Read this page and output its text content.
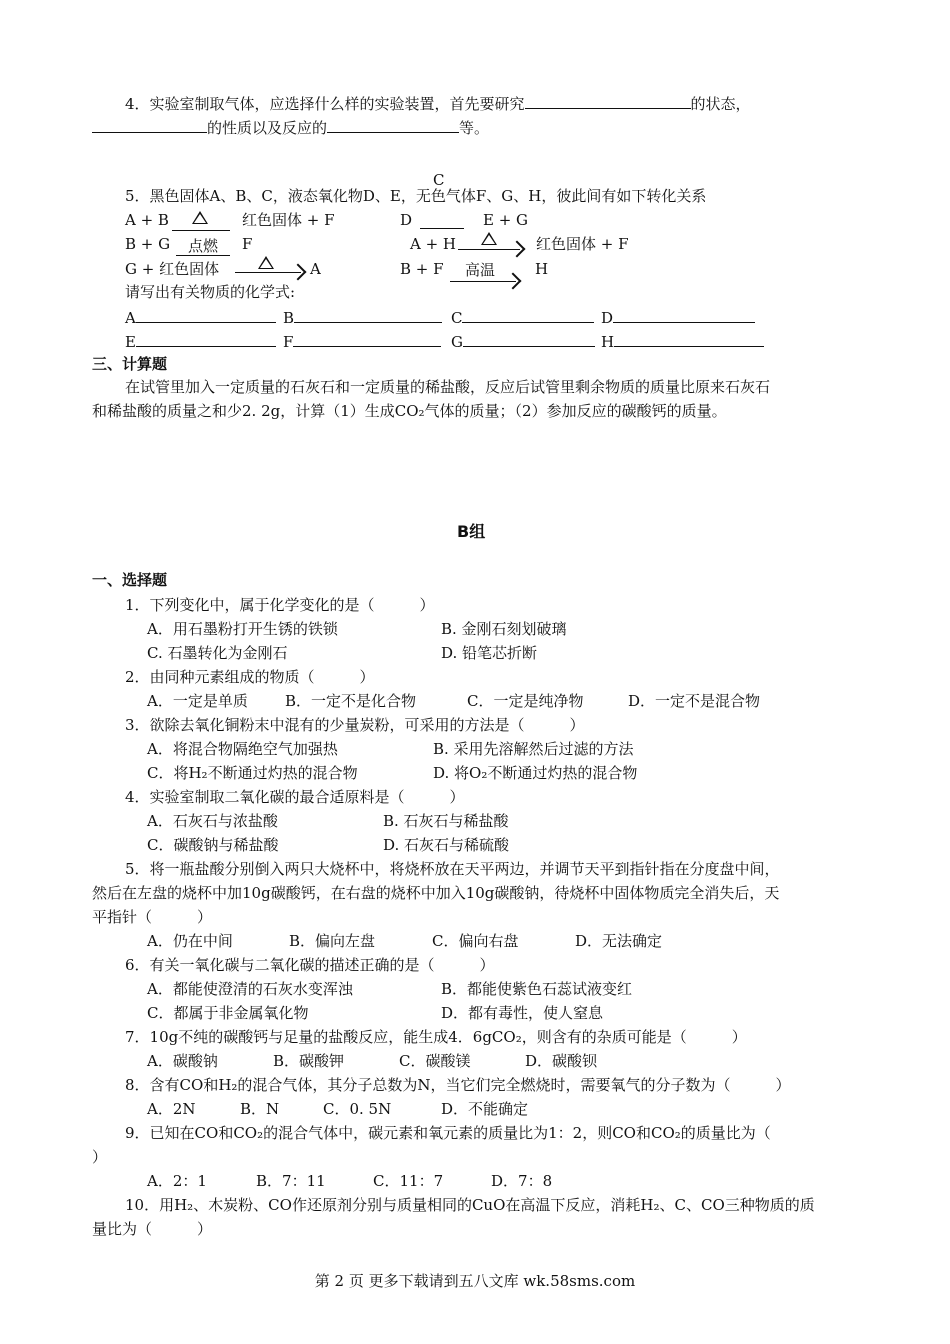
4．实验室制取气体，应选择什么样的实验装置，首先要研究	的状态，
的性质以及反应的	等。
C
5．黑色固体A、B、C，液态氧化物D、E，无色气体F、G、H，彼此间有如下转化关系
A + B	红色固体 + F	D	E + G
B + G	点燃	F	A + H	红色固体 + F
G + 红色固体	A	B + F	高温	H
请写出有关物质的化学式:
A	B	C	D
E	F	G	H
三、计算题
在试管里加入一定质量的石灰石和一定质量的稀盐酸，反应后试管里剩余物质的质量比原来石灰石
和稀盐酸的质量之和少2. 2g，计算（1）生成CO₂气体的质量；（2）参加反应的碳酸钙的质量。
B组
一、选择题
1．下列变化中，属于化学变化的是（　　　）
A．用石墨粉打开生锈的铁锁	B. 金刚石刻划破璃
C. 石墨转化为金刚石	D. 铅笔芯折断
2．由同种元素组成的物质（　　　）
A．一定是单质 B．一定不是化合物	C．一定是纯净物	D．一定不是混合物
3．欲除去氧化铜粉末中混有的少量炭粉，可采用的方法是（　　　）
A．将混合物隔绝空气加强热	B. 采用先溶解然后过滤的方法
C．将H₂不断通过灼热的混合物	D. 将O₂不断通过灼热的混合物
4．实验室制取二氧化碳的最合适原料是（　　　）
A．石灰石与浓盐酸	B. 石灰石与稀盐酸
C．碳酸钠与稀盐酸	D. 石灰石与稀硫酸
5．将一瓶盐酸分别倒入两只大烧杯中，将烧杯放在天平两边，并调节天平到指针指在分度盘中间，
然后在左盘的烧杯中加10g碳酸钙，在右盘的烧杯中加入10g碳酸钠，待烧杯中固体物质完全消失后，天
平指针（　　　）
A．仍在中间	B．偏向左盘	C．偏向右盘	D．无法确定
6．有关一氧化碳与二氧化碳的描述正确的是（　　　）
A．都能使澄清的石灰水变浑浊	B．都能使紫色石蕊试液变红
C．都属于非金属氧化物	D．都有毒性，使人窒息
7．10g不纯的碳酸钙与足量的盐酸反应，能生成4．6gCO₂，则含有的杂质可能是（　　　）
A．碳酸钠	B．碳酸钾	C．碳酸镁	D．碳酸钡
8．含有CO和H₂的混合气体，其分子总数为N，当它们完全燃烧时，需要氧气的分子数为（　　　）
A．2N	B．N	C．0. 5N	D．不能确定
9．已知在CO和CO₂的混合气体中，碳元素和氧元素的质量比为1：2，则CO和CO₂的质量比为（
）
A．2：1	B．7：11	C．11：7	D．7：8
10．用H₂、木炭粉、CO作还原剂分别与质量相同的CuO在高温下反应，消耗H₂、C、CO三种物质的质
量比为（　　　）
第 2 页 更多下载请到五八文库 wk.58sms.com
